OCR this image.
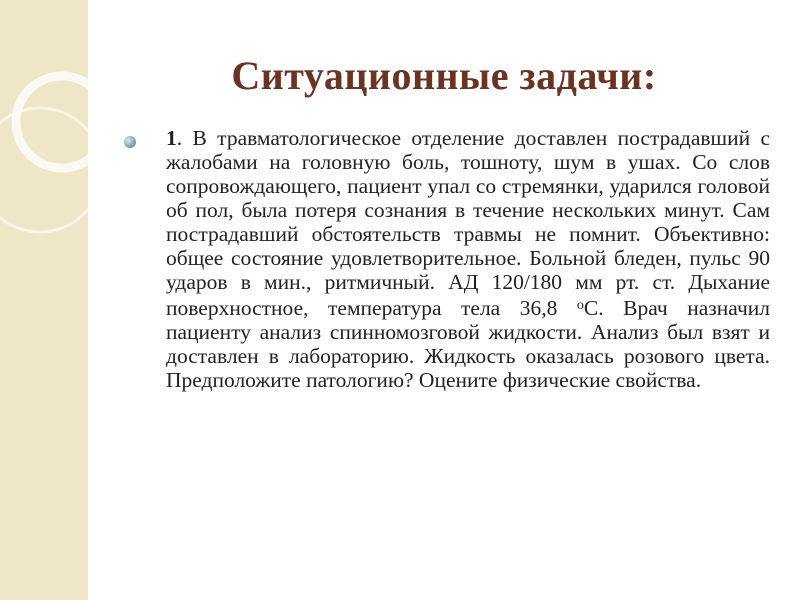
Ситуационные задачи:

1. В травматологическое отделение доставлен пострадавший с жалобами на головную боль, тошноту, шум в ушах. Со слов сопровождающего, пациент упал со стремянки, ударился головой об пол, была потеря сознания в течение нескольких минут. Сам пострадавший обстоятельств травмы не помнит. Объективно: общее состояние удовлетворительное. Больной бледен, пульс 90 ударов в мин., ритмичный. АД 120/180 мм рт. ст. Дыхание поверхностное, температура тела 36,8 $^о$С. Врач назначил пациенту анализ спинномозговой жидкости. Анализ был взят и доставлен в лабораторию. Жидкость оказалась розового цвета. Предположите патологию? Оцените физические свойства.
